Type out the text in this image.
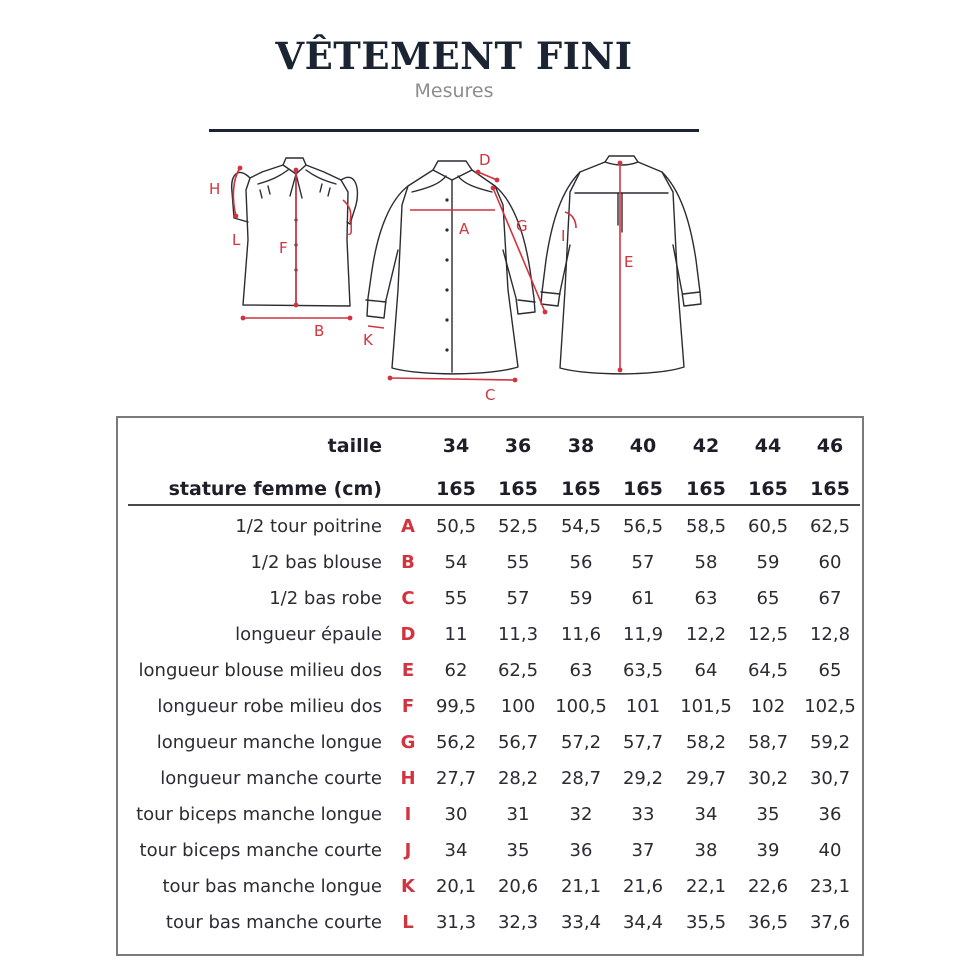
VÊTEMENT FINI
Mesures
A
B
C
D
E
F
G
H
I
J
K
L
taille	34	36	38	40	42	44	46
stature femme (cm)	165	165	165	165	165	165	165
1/2 tour poitrine A	50,5	52,5	54,5	56,5	58,5	60,5	62,5
1/2 bas blouse B	54	55	56	57	58	59	60
1/2 bas robe C	55	57	59	61	63	65	67
longueur épaule D	11	11,3	11,6	11,9	12,2	12,5	12,8
longueur blouse milieu dos E	62	62,5	63	63,5	64	64,5	65
longueur robe milieu dos F	99,5	100	100,5	101	101,5	102	102,5
longueur manche longue G	56,2	56,7	57,2	57,7	58,2	58,7	59,2
longueur manche courte H	27,7	28,2	28,7	29,2	29,7	30,2	30,7
tour biceps manche longue	I	30	31	32	33	34	35	36
tour biceps manche courte	J	34	35	36	37	38	39	40
tour bas manche longue K	20,1	20,6	21,1	21,6	22,1	22,6	23,1
tour bas manche courte L	31,3	32,3	33,4	34,4	35,5	36,5	37,6
